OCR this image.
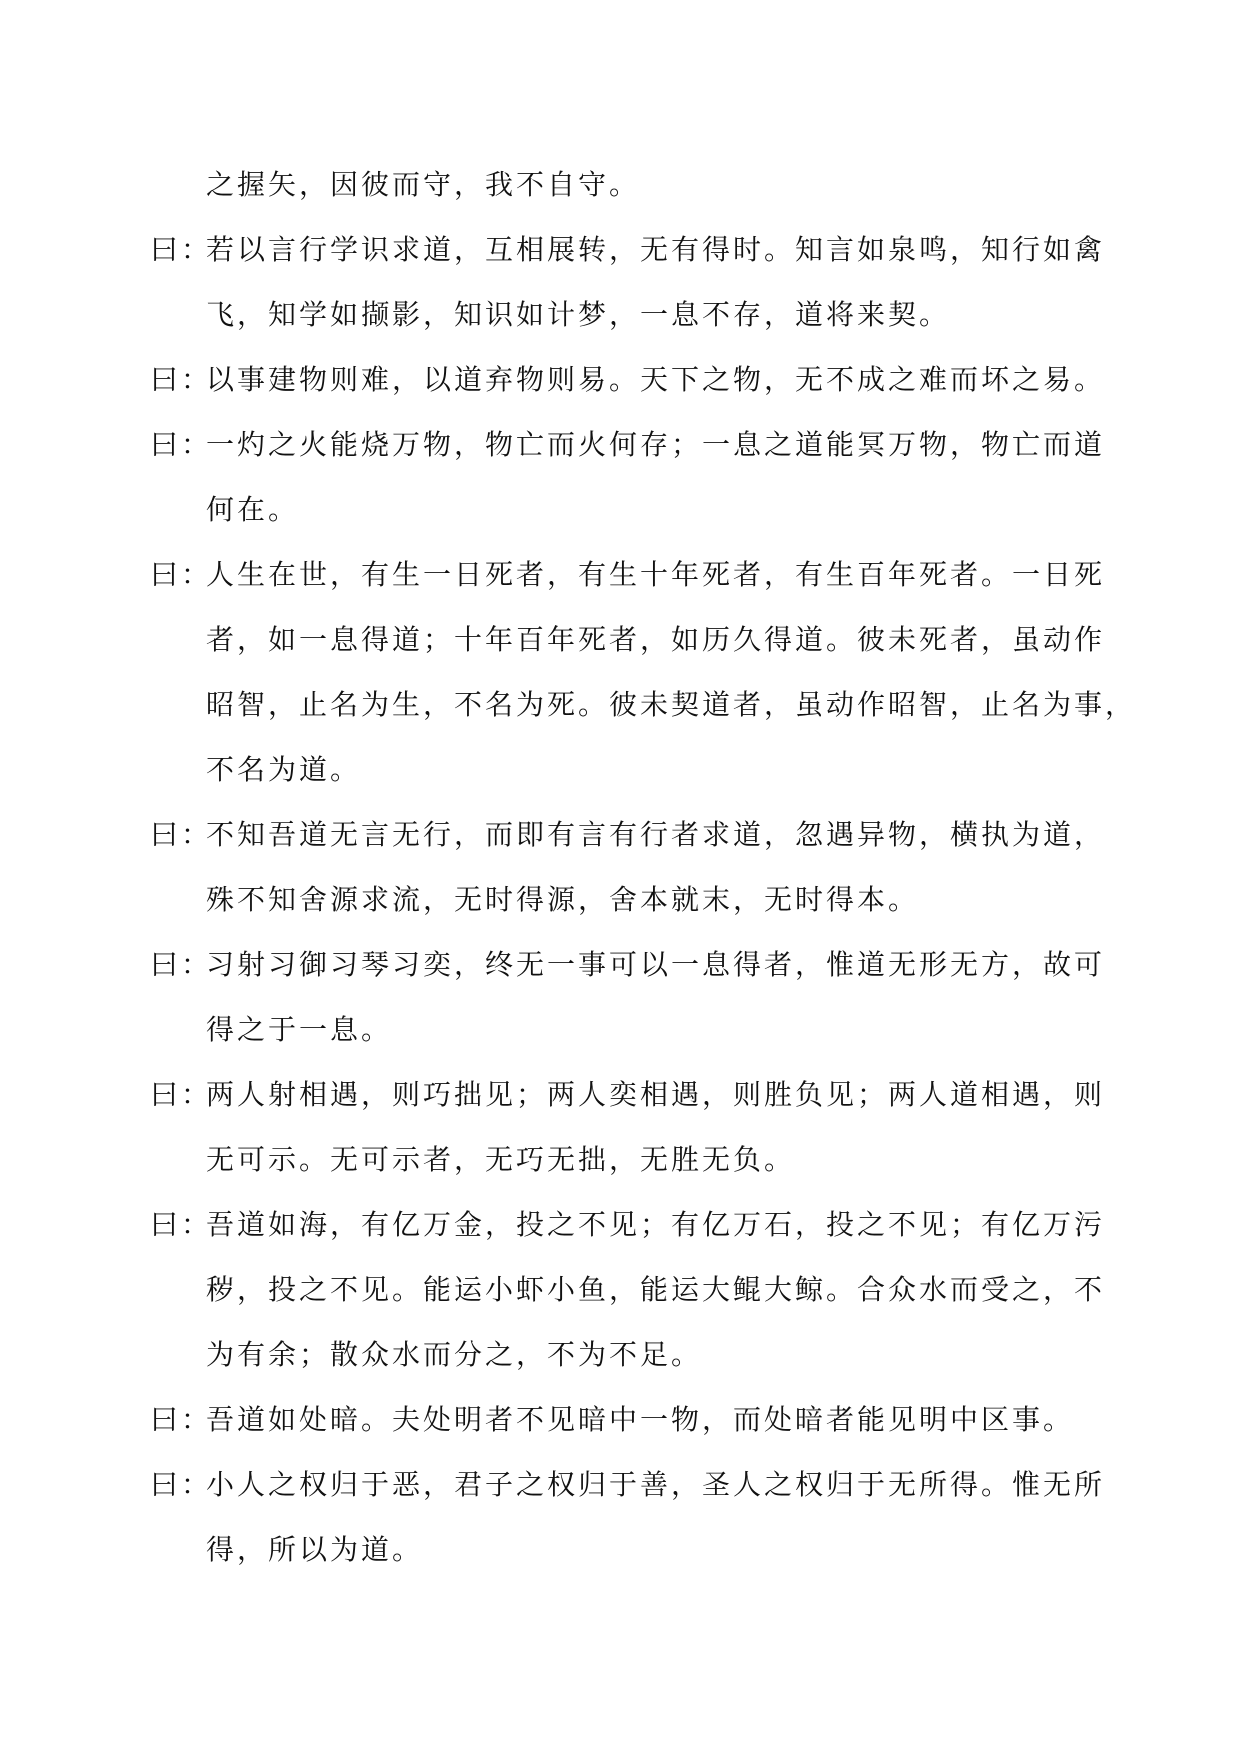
之握矢，因彼而守，我不自守。
曰：
若以言行学识求道，互相展转，无有得时。知言如泉鸣，知行如禽
飞，知学如撷影，知识如计梦，一息不存，道将来契。
曰：
以事建物则难，以道弃物则易。天下之物，无不成之难而坏之易。
曰：
一灼之火能烧万物，物亡而火何存；一息之道能冥万物，物亡而道
何在。
曰：
人生在世，有生一日死者，有生十年死者，有生百年死者。一日死
者，如一息得道；十年百年死者，如历久得道。彼未死者，虽动作
昭智，止名为生，不名为死。彼未契道者，虽动作昭智，止名为事，
不名为道。
曰：
不知吾道无言无行，而即有言有行者求道，忽遇异物，横执为道，
殊不知舍源求流，无时得源，舍本就末，无时得本。
曰：
习射习御习琴习奕，终无一事可以一息得者，惟道无形无方，故可
得之于一息。
曰：
两人射相遇，则巧拙见；两人奕相遇，则胜负见；两人道相遇，则
无可示。无可示者，无巧无拙，无胜无负。
曰：
吾道如海，有亿万金，投之不见；有亿万石，投之不见；有亿万污
秽，投之不见。能运小虾小鱼，能运大鲲大鲸。合众水而受之，不
为有余；散众水而分之，不为不足。
曰：
吾道如处暗。夫处明者不见暗中一物，而处暗者能见明中区事。
曰：
小人之权归于恶，君子之权归于善，圣人之权归于无所得。惟无所
得，所以为道。
